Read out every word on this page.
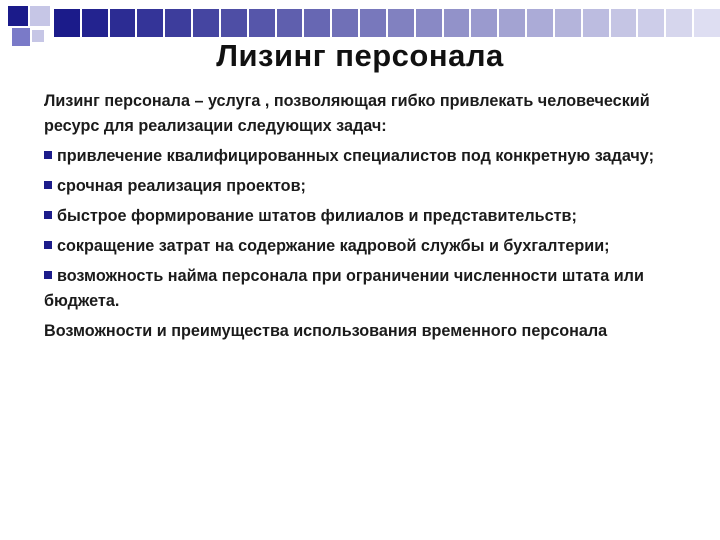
Лизинг персонала

Лизинг персонала – услуга , позволяющая гибко привлекать человеческий ресурс для реализации следующих задач:

привлечение квалифицированных специалистов под конкретную задачу;
срочная реализация проектов;
быстрое формирование штатов филиалов и представительств;
сокращение затрат на содержание кадровой службы и бухгалтерии;
возможность найма персонала при ограничении численности штата или бюджета.

Возможности и преимущества использования временного персонала
